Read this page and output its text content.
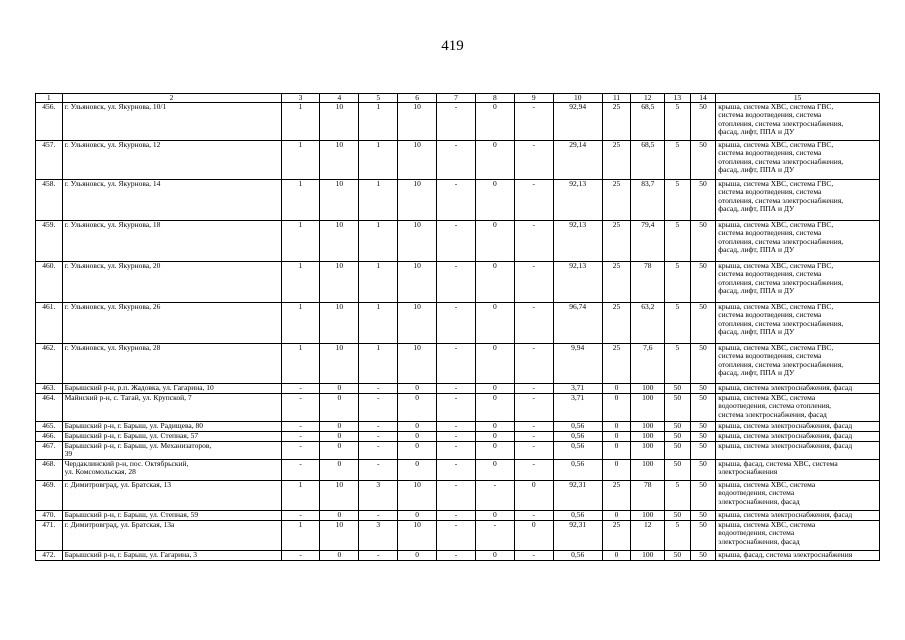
419
1	2	3	4	5	6	7	8	9	10	11	12	13	14	15
456.	г. Ульяновск, ул. Якурнова, 10/1	1	10	1	10	-	0	-	92,94	25	68,5	5	50	крыша, система ХВС, система ГВС,
система водоотведения, система
отопления, система электроснабжения,
фасад, лифт, ППА и ДУ
457.	г. Ульяновск, ул. Якурнова, 12	1	10	1	10	-	0	-	29,14	25	68,5	5	50	крыша, система ХВС, система ГВС,
система водоотведения, система
отопления, система электроснабжения,
фасад, лифт, ППА и ДУ
458.	г. Ульяновск, ул. Якурнова, 14	1	10	1	10	-	0	-	92,13	25	83,7	5	50	крыша, система ХВС, система ГВС,
система водоотведения, система
отопления, система электроснабжения,
фасад, лифт, ППА и ДУ
459.	г. Ульяновск, ул. Якурнова, 18	1	10	1	10	-	0	-	92,13	25	79,4	5	50	крыша, система ХВС, система ГВС,
система водоотведения, система
отопления, система электроснабжения,
фасад, лифт, ППА и ДУ
460.	г. Ульяновск, ул. Якурнова, 20	1	10	1	10	-	0	-	92,13	25	78	5	50	крыша, система ХВС, система ГВС,
система водоотведения, система
отопления, система электроснабжения,
фасад, лифт, ППА и ДУ
461.	г. Ульяновск, ул. Якурнова, 26	1	10	1	10	-	0	-	96,74	25	63,2	5	50	крыша, система ХВС, система ГВС,
система водоотведения, система
отопления, система электроснабжения,
фасад, лифт, ППА и ДУ
462.	г. Ульяновск, ул. Якурнова, 28	1	10	1	10	-	0	-	9,94	25	7,6	5	50	крыша, система ХВС, система ГВС,
система водоотведения, система
отопления, система электроснабжения,
фасад, лифт, ППА и ДУ
463.	Барышский р-н, р.п. Жадовка, ул. Гагарина, 10	-	0	-	0	-	0	-	3,71	0	100	50	50	крыша, система электроснабжения, фасад
464.	Майнский р-н, с. Тагай, ул. Крупской, 7	-	0	-	0	-	0	-	3,71	0	100	50	50	крыша, система ХВС, система
водоотведения, система отопления,
система электроснабжения, фасад
465.	Барышский р-н, г. Барыш, ул. Радищева, 80	-	0	-	0	-	0	-	0,56	0	100	50	50	крыша, система электроснабжения, фасад
466.	Барышский р-н, г. Барыш, ул. Степная, 57	-	0	-	0	-	0	-	0,56	0	100	50	50	крыша, система электроснабжения, фасад
467.	Барышский р-н, г. Барыш, ул. Механизаторов,
39	-	0	-	0	-	0	-	0,56	0	100	50	50	крыша, система электроснабжения, фасад
468.	Чердаклинский р-н, пос. Октябрьский,
ул. Комсомольская, 28	-	0	-	0	-	0	-	0,56	0	100	50	50	крыша, фасад, система ХВС, система
электроснабжения
469.	г. Димитровград, ул. Братская, 13	1	10	3	10	-	-	0	92,31	25	78	5	50	крыша, система ХВС, система
водоотведения, система
электроснабжения, фасад
470.	Барышский р-н, г. Барыш, ул. Степная, 59	-	0	-	0	-	0	-	0,56	0	100	50	50	крыша, система электроснабжения, фасад
471.	г. Димитровград, ул. Братская, 13а	1	10	3	10	-	-	0	92,31	25	12	5	50	крыша, система ХВС, система
водоотведения, система
электроснабжения, фасад
472.	Барышский р-н, г. Барыш, ул. Гагарина, 3	-	0	-	0	-	0	-	0,56	0	100	50	50	крыша, фасад, система электроснабжения
